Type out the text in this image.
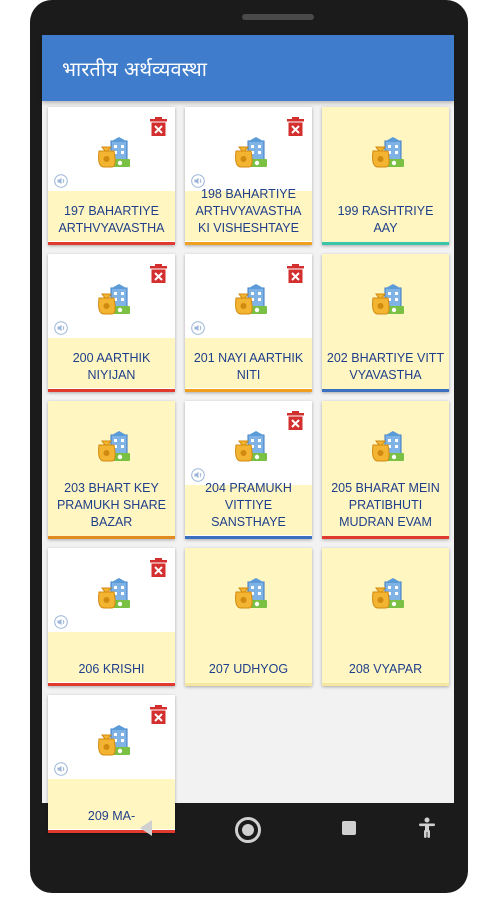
भारतीय अर्थव्यवस्था
197 BAHARTIYE ARTHVYAVASTHA
198 BAHARTIYE ARTHVYAVASTHA KI VISHESHTAYE
199 RASHTRIYE AAY
200 AARTHIK NIYIJAN
201 NAYI AARTHIK NITI
202 BHARTIYE VITT VYAVASTHA
203 BHART KEY PRAMUKH SHARE BAZAR
204 PRAMUKH VITTIYE SANSTHAYE
205 BHARAT MEIN PRATIBHUTI MUDRAN EVAM
206 KRISHI	207 UDHYOG	208 VYAPAR
209 MA-
